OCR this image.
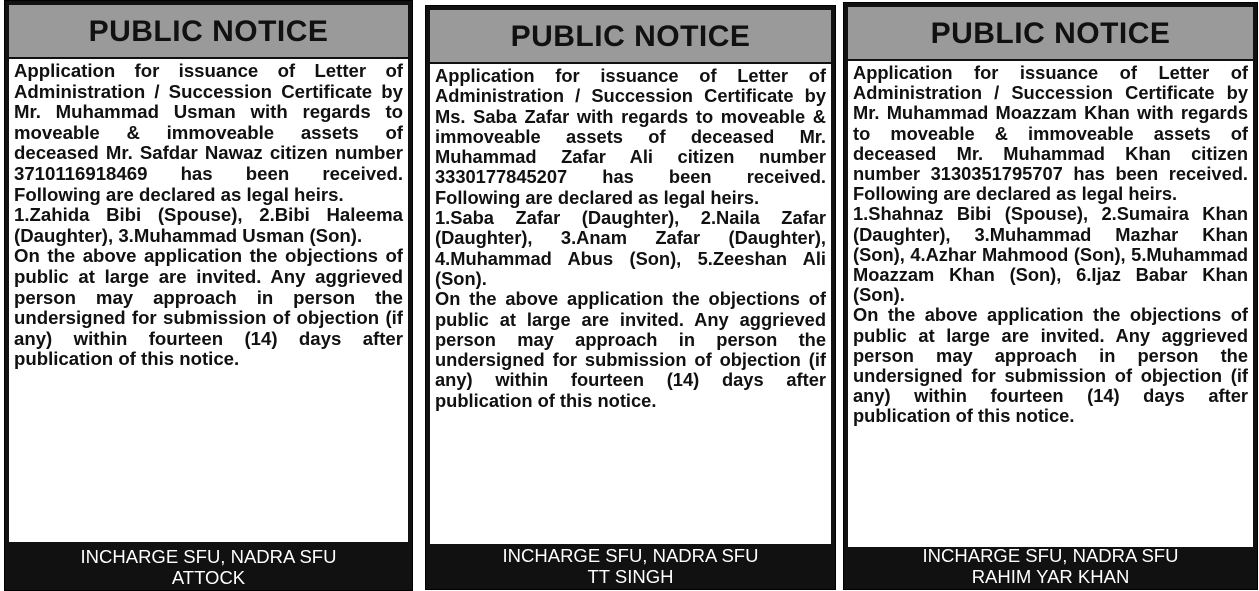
PUBLIC NOTICE

Application for issuance of Letter of Administration / Succession Certificate by Mr. Muhammad Usman with regards to moveable & immoveable assets of deceased Mr. Safdar Nawaz citizen number 3710116918469 has been received. Following are declared as legal heirs.

1.Zahida Bibi (Spouse), 2.Bibi Haleema (Daughter), 3.Muhammad Usman (Son).

On the above application the objections of public at large are invited. Any aggrieved person may approach in person the undersigned for submission of objection (if any) within fourteen (14) days after publication of this notice.

INCHARGE SFU, NADRA SFU
ATTOCK
PUBLIC NOTICE

Application for issuance of Letter of Administration / Succession Certificate by Ms. Saba Zafar with regards to moveable & immoveable assets of deceased Mr. Muhammad Zafar Ali citizen number 3330177845207 has been received. Following are declared as legal heirs.

1.Saba Zafar (Daughter), 2.Naila Zafar (Daughter), 3.Anam Zafar (Daughter), 4.Muhammad Abus (Son), 5.Zeeshan Ali (Son).

On the above application the objections of public at large are invited. Any aggrieved person may approach in person the undersigned for submission of objection (if any) within fourteen (14) days after publication of this notice.

INCHARGE SFU, NADRA SFU
TT SINGH
PUBLIC NOTICE

Application for issuance of Letter of Administration / Succession Certificate by Mr. Muhammad Moazzam Khan with regards to moveable & immoveable assets of deceased Mr. Muhammad Khan citizen number 3130351795707 has been received. Following are declared as legal heirs.

1.Shahnaz Bibi (Spouse), 2.Sumaira Khan (Daughter), 3.Muhammad Mazhar Khan (Son), 4.Azhar Mahmood (Son), 5.Muhammad Moazzam Khan (Son), 6.Ijaz Babar Khan (Son).

On the above application the objections of public at large are invited. Any aggrieved person may approach in person the undersigned for submission of objection (if any) within fourteen (14) days after publication of this notice.

INCHARGE SFU, NADRA SFU
RAHIM YAR KHAN
